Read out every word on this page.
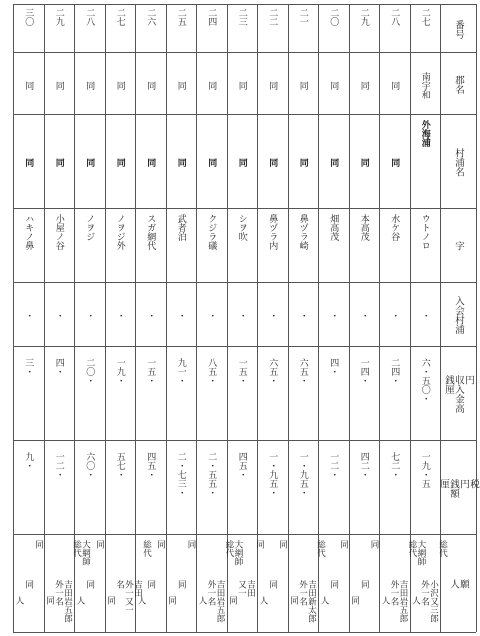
番号
郡名
村浦名
字
入会村浦
円
収入金高
銭厘
税
円
銭額
厘
願
人
二七
南宇和
外海浦
ウトノロ
・
六・五〇・
一九・五
人 小沢又三郎
外一名
総代
二八
同
同
水ケ谷
・
二四・
七二・
人 吉田岩五郎
外一名
大網師
総代
二九
同
同
本高茂
・
一四・
四二・
同
同
同
二〇
同
同
畑高茂
・
四・
一二・
人
同
同
二一
同
同
鼻ヅラ崎
・
六五・
一・九五・
同 吉田新太郎
外一名
総代
二二
同
同
鼻ヅラ内
・
六五・
一・九五・
人
同
同
二三
同
同
シヲ吹
・
一五・
四五・
同
吉田
又一
同
二四
同
同
クジラ礒
・
八五・
二・五五・
人 吉田岩五郎
外一名
大網師
総代
二五
同
同
武者泊
・
九一・
二・七三・
同
同
同
二六
同
同
スガ網代
・
一五・
四五・
人
同
同
二七
同
同
ノヲジ外
・
一九・
五七・
同
吉田
外一又一
名
総代
二八
同
同
ノヲジ
・
二〇・
六〇・
人
同
同
二九
同
同
小屋ノ谷
・
四・
一二・
同 吉田岩五郎
外一名
大網師
総代
三〇
同
同
ハキノ鼻
・
三・
九・
人
同
同
